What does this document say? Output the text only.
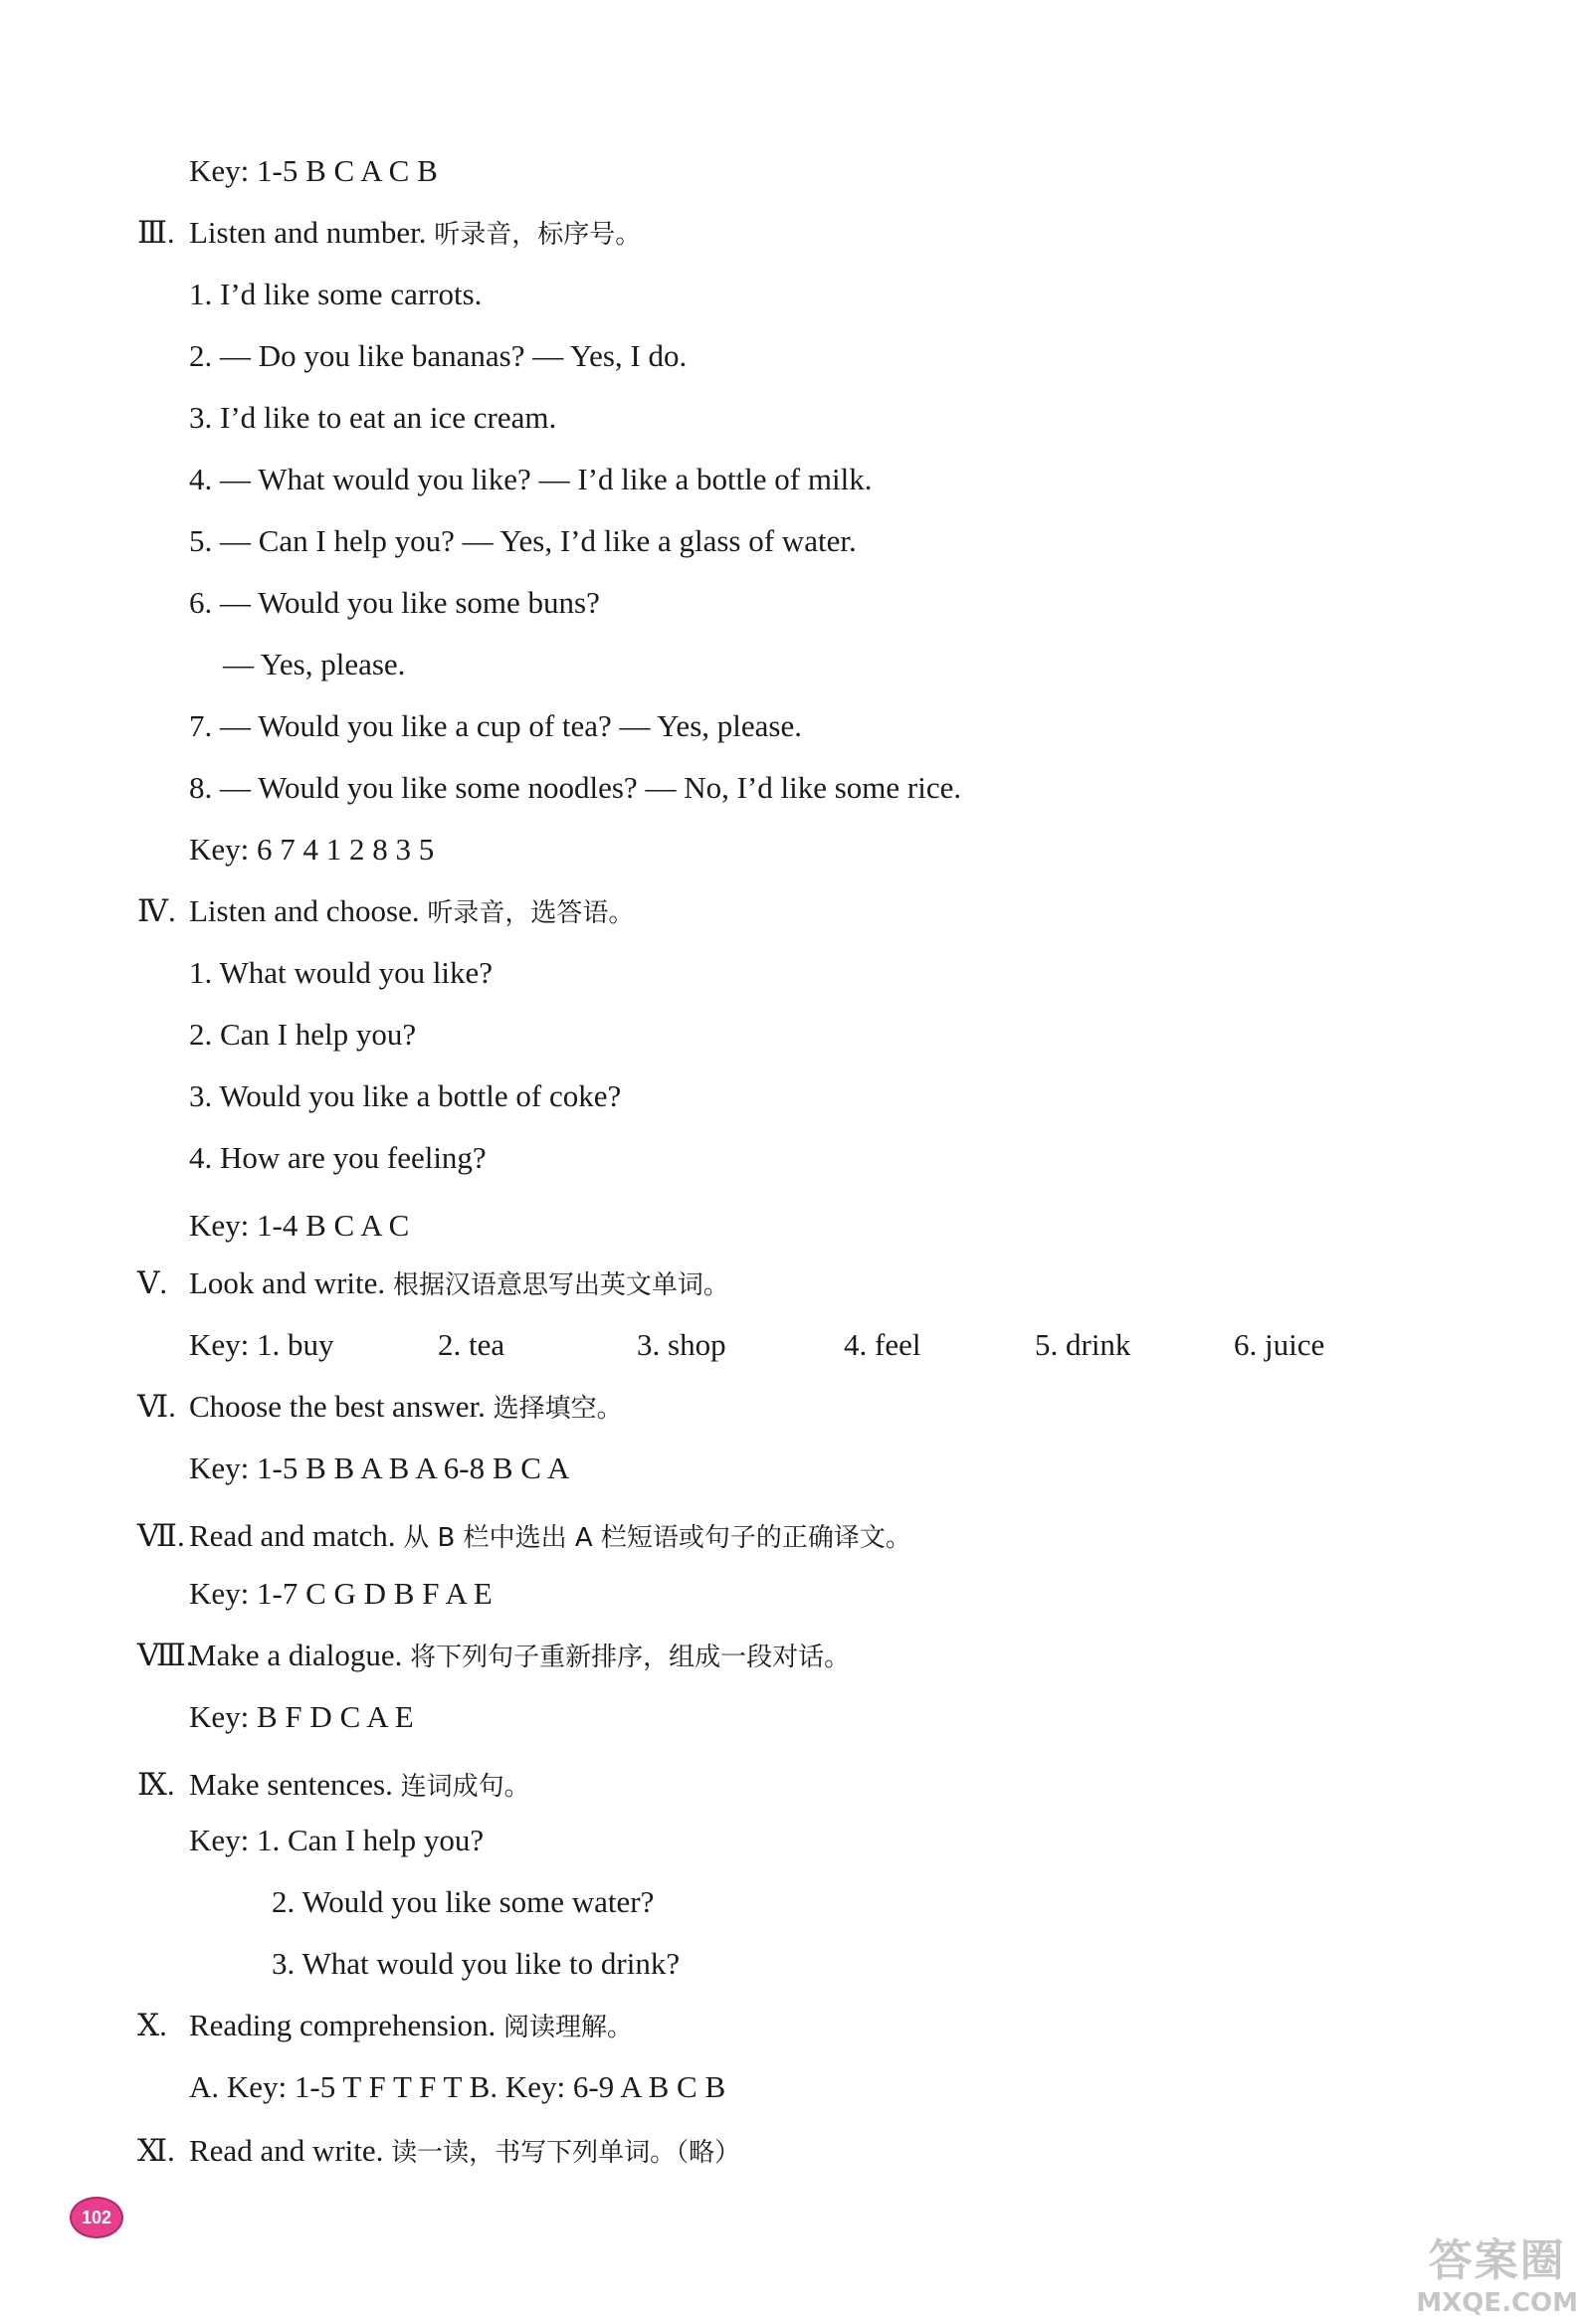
Key: 1-5 B C A C B
Ⅲ. Listen and number. 听录音，标序号。
1. I’d like some carrots.
2. — Do you like bananas? — Yes, I do.
3. I’d like to eat an ice cream.
4. — What would you like? — I’d like a bottle of milk.
5. — Can I help you? — Yes, I’d like a glass of water.
6. — Would you like some buns?
— Yes, please.
7. — Would you like a cup of tea? — Yes, please.
8. — Would you like some noodles? — No, I’d like some rice.
Key: 6 7 4 1 2 8 3 5
Ⅳ. Listen and choose. 听录音，选答语。
1. What would you like?
2. Can I help you?
3. Would you like a bottle of coke?
4. How are you feeling?
Key: 1-4 B C A C
Ⅴ. Look and write. 根据汉语意思写出英文单词。
Key: 1. buy	2. tea	3. shop	4. feel	5. drink	6. juice
Ⅵ. Choose the best answer. 选择填空。
Key: 1-5 B B A B A 6-8 B C A
Ⅶ. Read and match. 从 B 栏中选出 A 栏短语或句子的正确译文。
Key: 1-7 C G D B F A E
Ⅷ.
Make a dialogue. 将下列句子重新排序，组成一段对话。
Key: B F D C A E
Ⅸ. Make sentences. 连词成句。
Key: 1. Can I help you?
2. Would you like some water?
3. What would you like to drink?
Ⅹ. Reading comprehension. 阅读理解。
A. Key: 1-5 T F T F T B. Key: 6-9 A B C B
Ⅺ. Read and write. 读一读，书写下列单词。（略）
102
答案圈
MXQE.COM
